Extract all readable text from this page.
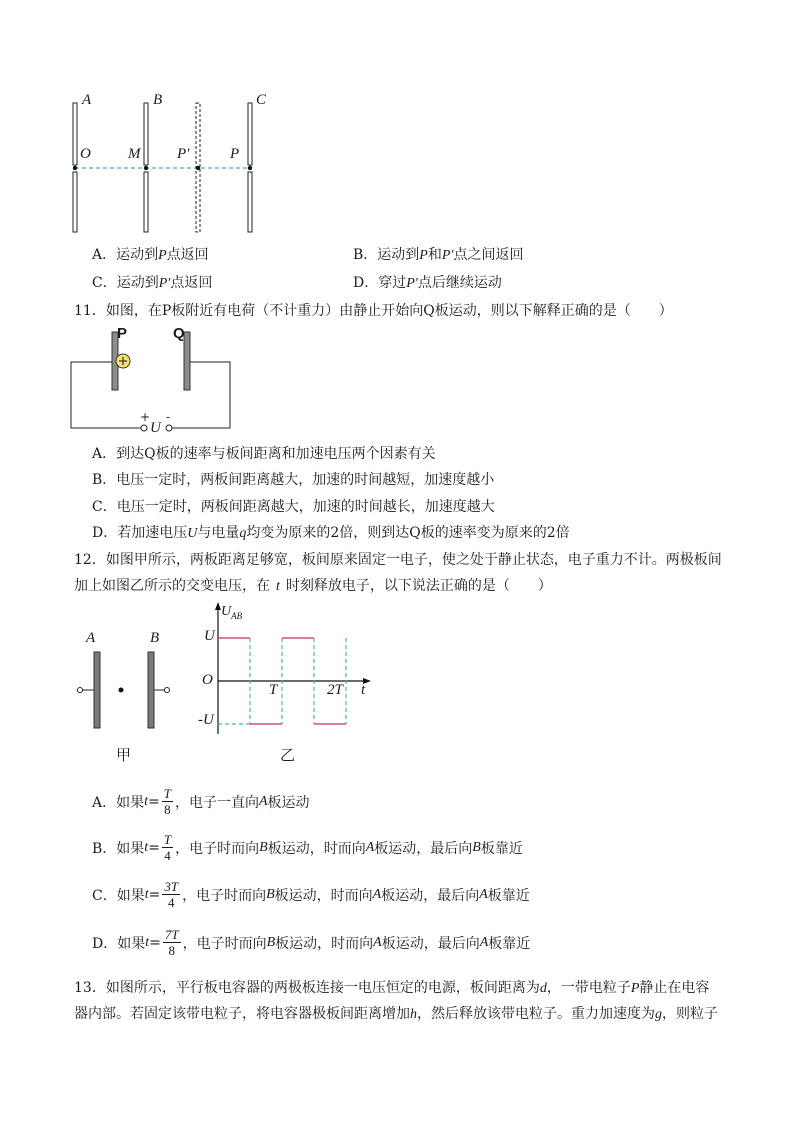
A	B	C
O M P′	P
A．运动到P点返回	B．运动到P和P′点之间返回
C．运动到P′点返回	D．穿过P′点后继续运动
11．如图，在P板附近有电荷（不计重力）由静止开始向Q板运动，则以下解释正确的是（　　）
P	Q
+ -
U
A．到达Q板的速率与板间距离和加速电压两个因素有关
B．电压一定时，两板间距离越大，加速的时间越短，加速度越小
C．电压一定时，两板间距离越大，加速的时间越长，加速度越大
D．若加速电压U与电量q均变为原来的2倍，则到达Q板的速率变为原来的2倍
12．如图甲所示，两板距离足够宽，板间原来固定一电子，使之处于静止状态，电子重力不计。两极板间
加上如图乙所示的交变电压，在 t 时刻释放电子，以下说法正确的是（　　）
A	B
甲
$U_{AB}$
U
O
-U
T	2T t
乙
A． 如果 $t = \frac{T}{8}$ ，电子一直向 A 板运动
B． 如果 $t = \frac{T}{4}$ ，电子时而向 B 板运动，时而向 A 板运动，最后向 B 板靠近
C． 如果 $t = \frac{3T}{4}$ ，电子时而向 B 板运动，时而向 A 板运动，最后向 A 板靠近
D． 如果 $t = \frac{7T}{8}$ ，电子时而向 B 板运动，时而向 A 板运动，最后向 A 板靠近
13．如图所示，平行板电容器的两极板连接一电压恒定的电源，板间距离为d，一带电粒子P静止在电容
器内部。若固定该带电粒子，将电容器极板间距离增加h，然后释放该带电粒子。重力加速度为g，则粒子
